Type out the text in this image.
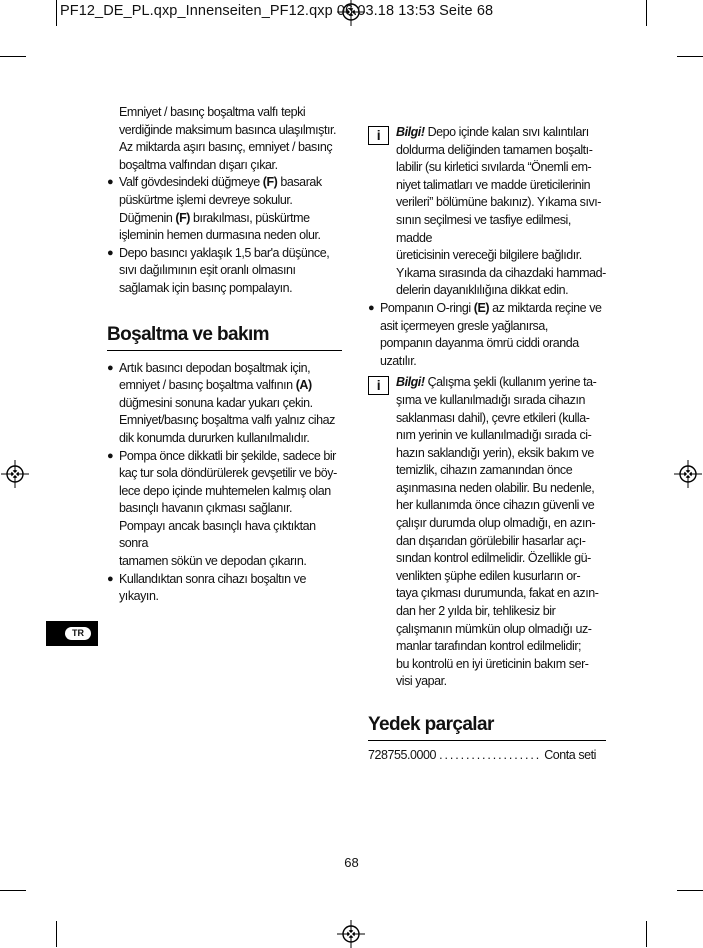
PF12_DE_PL.qxp_Innenseiten_PF12.qxp 06.03.18 13:53 Seite 68

Emniyet / basınç boşaltma valfı tepki

verdiğinde maksimum basınca ulaşılmıştır.

Az miktarda aşırı basınç, emniyet / basınç

boşaltma valfından dışarı çıkar.

● Valf gövdesindeki düğmeye (F) basarak

püskürtme işlemi devreye sokulur.

Düğmenin (F) bırakılması, püskürtme

işleminin hemen durmasına neden olur.

● Depo basıncı yaklaşık 1,5 bar'a düşünce,

sıvı dağılımının eşit oranlı olmasını

sağlamak için basınç pompalayın.

Boşaltma ve bakım

● Artık basıncı depodan boşaltmak için,

emniyet / basınç boşaltma valfının (A)

düğmesini sonuna kadar yukarı çekin.

Emniyet/basınç boşaltma valfı yalnız cihaz

dik konumda dururken kullanılmalıdır.

● Pompa önce dikkatli bir şekilde, sadece bir

kaç tur sola döndürülerek gevşetilir ve böy-

lece depo içinde muhtemelen kalmış olan

basınçlı havanın çıkması sağlanır.

Pompayı ancak basınçlı hava çıktıktan sonra

tamamen sökün ve depodan çıkarın.

● Kullandıktan sonra cihazı boşaltın ve yıkayın.

TR
i	Bilgi! Depo içinde kalan sıvı kalıntıları

doldurma deliğinden tamamen boşaltı-

labilir (su kirletici sıvılarda “Önemli em-

niyet talimatları ve madde üreticilerinin

verileri” bölümüne bakınız). Yıkama sıvı-

sının seçilmesi ve tasfiye edilmesi, madde

üreticisinin vereceği bilgilere bağlıdır.

Yıkama sırasında da cihazdaki hammad-

delerin dayanıklılığına dikkat edin.

● Pompanın O-ringi (E) az miktarda reçine ve

asit içermeyen gresle yağlanırsa,

pompanın dayanma ömrü ciddi oranda

uzatılır.

i	Bilgi! Çalışma şekli (kullanım yerine ta-

şıma ve kullanılmadığı sırada cihazın

saklanması dahil), çevre etkileri (kulla-

nım yerinin ve kullanılmadığı sırada ci-

hazın saklandığı yerin), eksik bakım ve

temizlik, cihazın zamanından önce

aşınmasına neden olabilir. Bu nedenle,

her kullanımda önce cihazın güvenli ve

çalışır durumda olup olmadığı, en azın-

dan dışarıdan görülebilir hasarlar açı-

sından kontrol edilmelidir. Özellikle gü-

venlikten şüphe edilen kusurların or-

taya çıkması durumunda, fakat en azın-

dan her 2 yılda bir, tehlikesiz bir

çalışmanın mümkün olup olmadığı uz-

manlar tarafından kontrol edilmelidir;

bu kontrolü en iyi üreticinin bakım ser-

visi yapar.

Yedek parçalar

728755.0000 ................... Conta seti

68
